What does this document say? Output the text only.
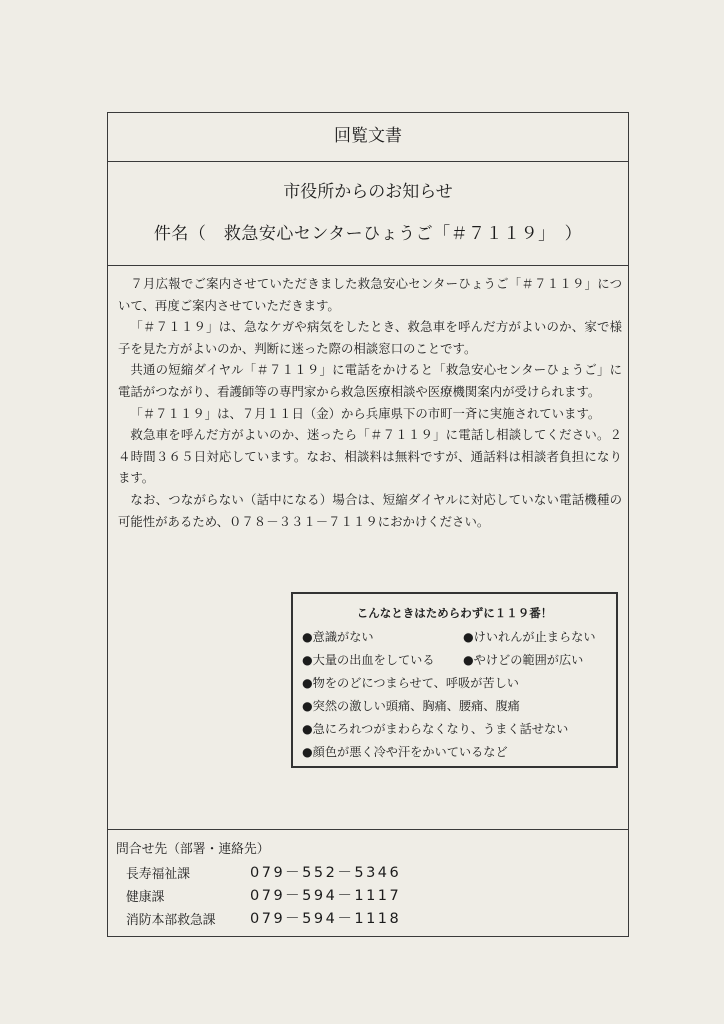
回覧文書
市役所からのお知らせ
件名（　救急安心センターひょうご「＃７１１９」　）

７月広報でご案内させていただきました救急安心センターひょうご「＃７１１９」について、再度ご案内させていただきます。

「＃７１１９」は、急なケガや病気をしたとき、救急車を呼んだ方がよいのか、家で様子を見た方がよいのか、判断に迷った際の相談窓口のことです。

共通の短縮ダイヤル「＃７１１９」に電話をかけると「救急安心センターひょうご」に電話がつながり、看護師等の専門家から救急医療相談や医療機関案内が受けられます。

「＃７１１９」は、７月１１日（金）から兵庫県下の市町一斉に実施されています。

救急車を呼んだ方がよいのか、迷ったら「＃７１１９」に電話し相談してください。２４時間３６５日対応しています。なお、相談料は無料ですが、通話料は相談者負担になります。

なお、つながらない（話中になる）場合は、短縮ダイヤルに対応していない電話機種の可能性があるため、０７８－３３１－７１１９におかけください。

こんなときはためらわずに１１９番！
●意識がない	●けいれんが止まらない
●大量の出血をしている ●やけどの範囲が広い
●物をのどにつまらせて、呼吸が苦しい
●突然の激しい頭痛、胸痛、腰痛、腹痛
●急にろれつがまわらなくなり、うまく話せない
●顔色が悪く冷や汗をかいているなど
問合せ先（部署・連絡先）
長寿福祉課	079－552－5346
健康課	079－594－1117
消防本部救急課 079－594－1118
